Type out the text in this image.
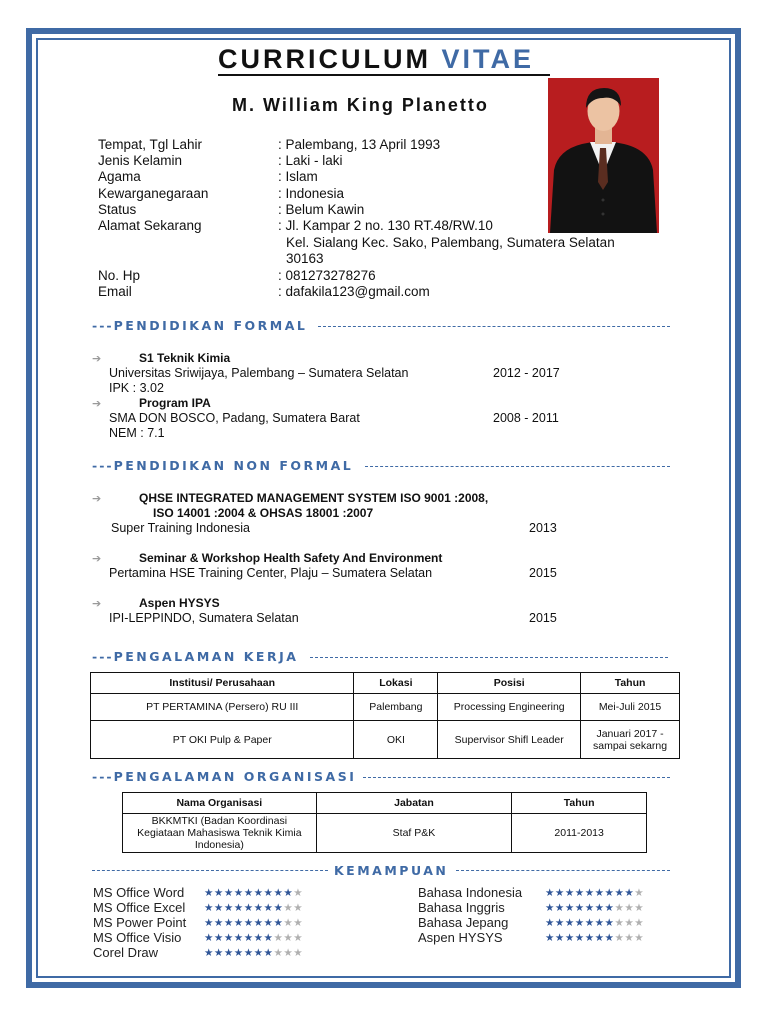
CURRICULUM VITAE
M. William King Planetto
Tempat, Tgl Lahir	: Palembang, 13 April 1993
Jenis Kelamin	: Laki - laki
Agama	: Islam
Kewarganegaraan	: Indonesia
Status	: Belum Kawin
Alamat Sekarang	: Jl. Kampar 2 no. 130 RT.48/RW.10
Kel. Sialang Kec. Sako, Palembang, Sumatera Selatan
30163
No. Hp	: 081273278276
Email	: dafakila123@gmail.com
---PENDIDIKAN FORMAL
---PENDIDIKAN NON FORMAL
---PENGALAMAN KERJA
---PENGALAMAN ORGANISASI
KEMAMPUAN
➔	S1 Teknik Kimia
Universitas Sriwijaya, Palembang – Sumatera Selatan	2012 - 2017
IPK : 3.02
➔	Program IPA
SMA DON BOSCO, Padang, Sumatera Barat	2008 - 2011
NEM : 7.1
➔	QHSE INTEGRATED MANAGEMENT SYSTEM ISO 9001 :2008,
ISO 14001 :2004 & OHSAS 18001 :2007
Super Training Indonesia	2013
➔	Seminar & Workshop Health Safety And Environment
Pertamina HSE Training Center, Plaju – Sumatera Selatan	2015
➔	Aspen HYSYS
IPI-LEPPINDO, Sumatera Selatan	2015
Institusi/ Perusahaan	Lokasi	Posisi	Tahun
PT PERTAMINA (Persero) RU III	Palembang	Processing Engineering	Mei-Juli 2015
PT OKI Pulp & Paper	OKI	Supervisor Shifl Leader	Januari 2017 - sampai sekarng
Nama Organisasi	Jabatan	Tahun
BKKMTKI (Badan Koordinasi Kegiataan Mahasiswa Teknik Kimia Indonesia)	Staf P&K	2011-2013
MS Office Word ★★★★★★★★★★
MS Office Excel ★★★★★★★★★★
MS Power Point ★★★★★★★★★★
MS Office Visio ★★★★★★★★★★
Corel Draw	★★★★★★★★★★
Bahasa Indonesia ★★★★★★★★★★
Bahasa Inggris	★★★★★★★★★★
Bahasa Jepang	★★★★★★★★★★
Aspen HYSYS	★★★★★★★★★★
